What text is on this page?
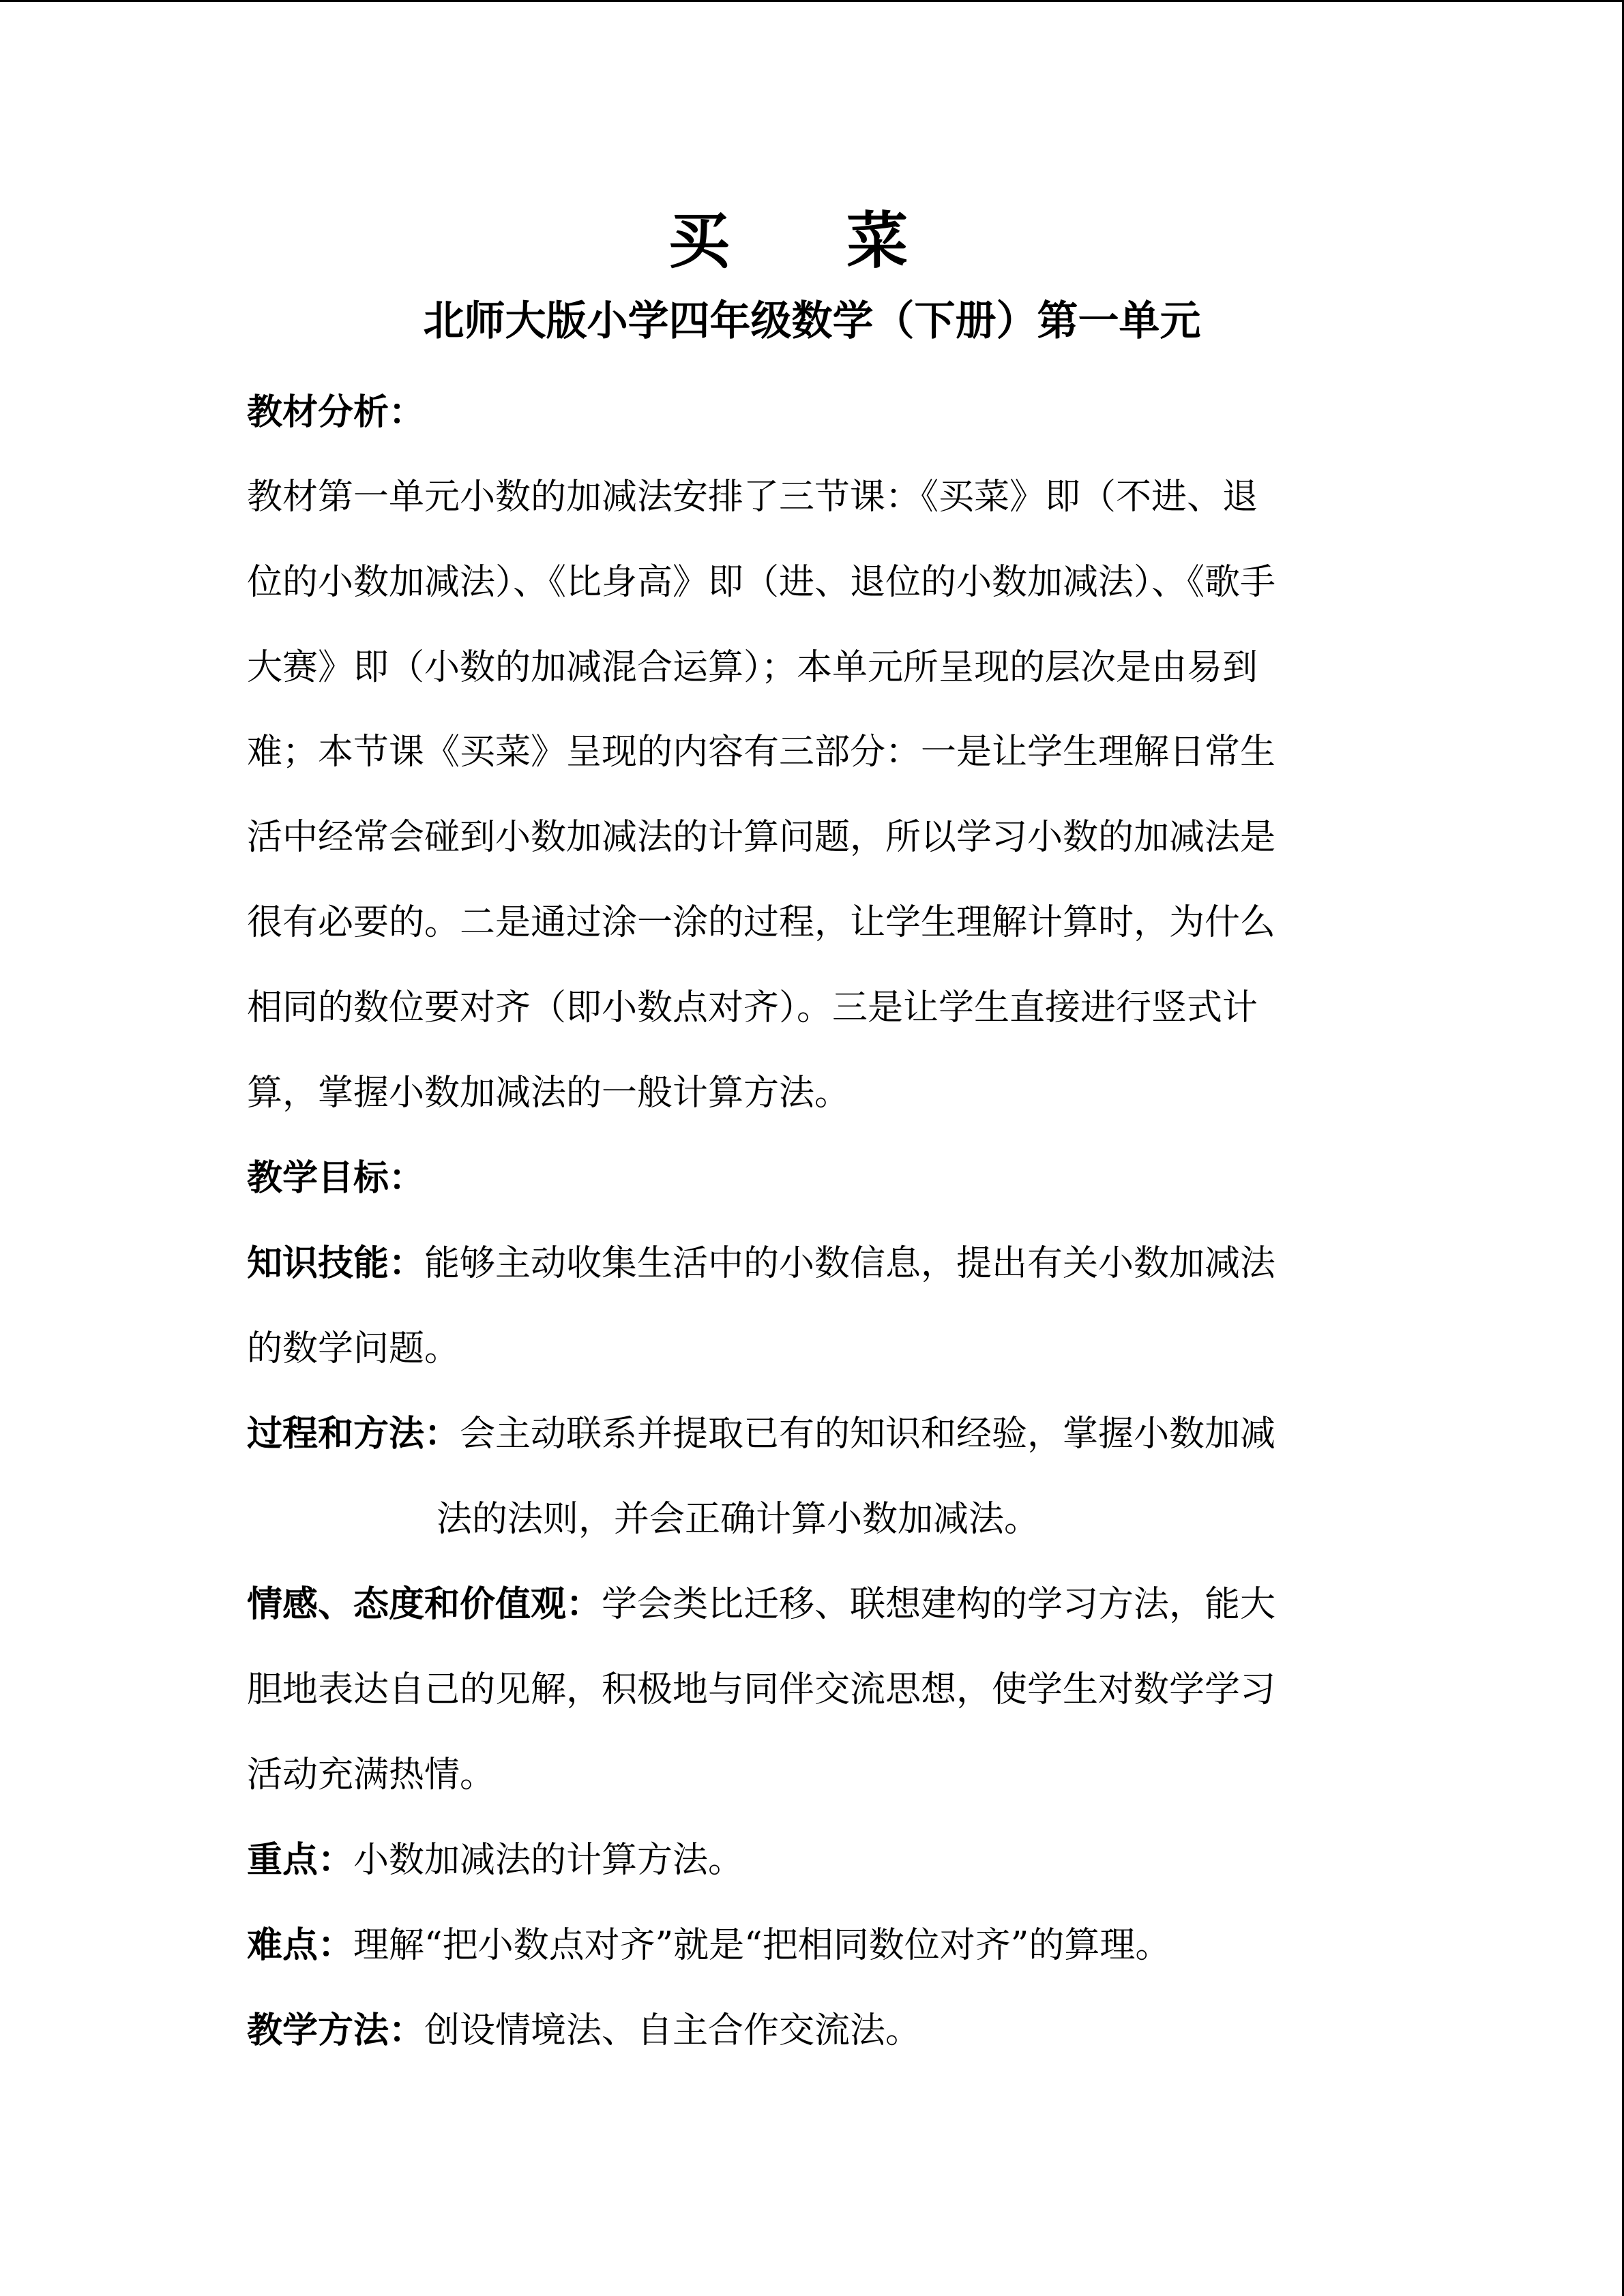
买 菜
北师大版小学四年级数学（下册）第一单元
教材分析：
教材第一单元小数的加减法安排了三节课：《买菜》即（不进、退
位的小数加减法）、《比身高》即（进、退位的小数加减法）、《歌手
大赛》即（小数的加减混合运算）；本单元所呈现的层次是由易到
难；本节课《买菜》呈现的内容有三部分：一是让学生理解日常生
活中经常会碰到小数加减法的计算问题，所以学习小数的加减法是
很有必要的。二是通过涂一涂的过程，让学生理解计算时，为什么
相同的数位要对齐（即小数点对齐）。三是让学生直接进行竖式计
算，掌握小数加减法的一般计算方法。
教学目标：
知识技能：能够主动收集生活中的小数信息，提出有关小数加减法
的数学问题。
过程和方法：会主动联系并提取已有的知识和经验，掌握小数加减
法的法则，并会正确计算小数加减法。
情感、态度和价值观：学会类比迁移、联想建构的学习方法，能大
胆地表达自己的见解，积极地与同伴交流思想，使学生对数学学习
活动充满热情。
重点：小数加减法的计算方法。
难点：理解“把小数点对齐”就是“把相同数位对齐”的算理。
教学方法：创设情境法、自主合作交流法。
